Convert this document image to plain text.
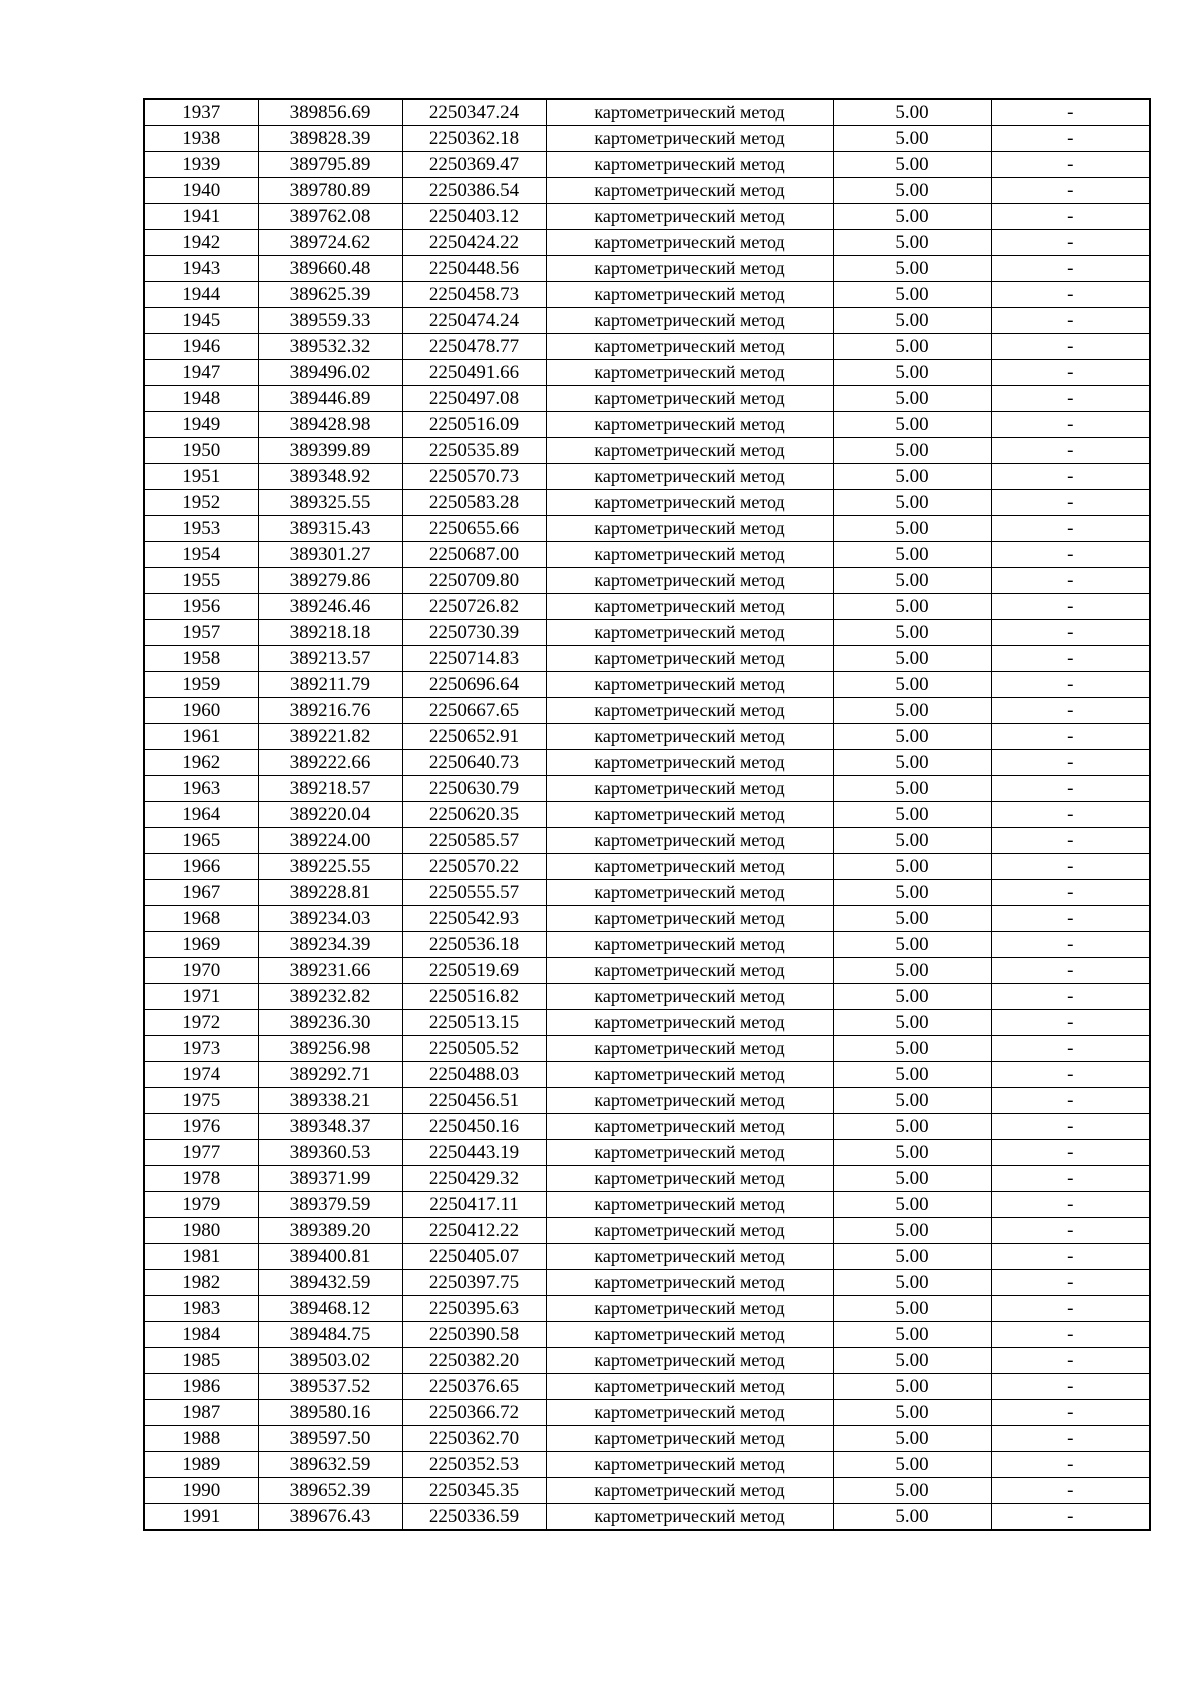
1937	389856.69	2250347.24	картометрический метод	5.00	-
1938	389828.39	2250362.18	картометрический метод	5.00	-
1939	389795.89	2250369.47	картометрический метод	5.00	-
1940	389780.89	2250386.54	картометрический метод	5.00	-
1941	389762.08	2250403.12	картометрический метод	5.00	-
1942	389724.62	2250424.22	картометрический метод	5.00	-
1943	389660.48	2250448.56	картометрический метод	5.00	-
1944	389625.39	2250458.73	картометрический метод	5.00	-
1945	389559.33	2250474.24	картометрический метод	5.00	-
1946	389532.32	2250478.77	картометрический метод	5.00	-
1947	389496.02	2250491.66	картометрический метод	5.00	-
1948	389446.89	2250497.08	картометрический метод	5.00	-
1949	389428.98	2250516.09	картометрический метод	5.00	-
1950	389399.89	2250535.89	картометрический метод	5.00	-
1951	389348.92	2250570.73	картометрический метод	5.00	-
1952	389325.55	2250583.28	картометрический метод	5.00	-
1953	389315.43	2250655.66	картометрический метод	5.00	-
1954	389301.27	2250687.00	картометрический метод	5.00	-
1955	389279.86	2250709.80	картометрический метод	5.00	-
1956	389246.46	2250726.82	картометрический метод	5.00	-
1957	389218.18	2250730.39	картометрический метод	5.00	-
1958	389213.57	2250714.83	картометрический метод	5.00	-
1959	389211.79	2250696.64	картометрический метод	5.00	-
1960	389216.76	2250667.65	картометрический метод	5.00	-
1961	389221.82	2250652.91	картометрический метод	5.00	-
1962	389222.66	2250640.73	картометрический метод	5.00	-
1963	389218.57	2250630.79	картометрический метод	5.00	-
1964	389220.04	2250620.35	картометрический метод	5.00	-
1965	389224.00	2250585.57	картометрический метод	5.00	-
1966	389225.55	2250570.22	картометрический метод	5.00	-
1967	389228.81	2250555.57	картометрический метод	5.00	-
1968	389234.03	2250542.93	картометрический метод	5.00	-
1969	389234.39	2250536.18	картометрический метод	5.00	-
1970	389231.66	2250519.69	картометрический метод	5.00	-
1971	389232.82	2250516.82	картометрический метод	5.00	-
1972	389236.30	2250513.15	картометрический метод	5.00	-
1973	389256.98	2250505.52	картометрический метод	5.00	-
1974	389292.71	2250488.03	картометрический метод	5.00	-
1975	389338.21	2250456.51	картометрический метод	5.00	-
1976	389348.37	2250450.16	картометрический метод	5.00	-
1977	389360.53	2250443.19	картометрический метод	5.00	-
1978	389371.99	2250429.32	картометрический метод	5.00	-
1979	389379.59	2250417.11	картометрический метод	5.00	-
1980	389389.20	2250412.22	картометрический метод	5.00	-
1981	389400.81	2250405.07	картометрический метод	5.00	-
1982	389432.59	2250397.75	картометрический метод	5.00	-
1983	389468.12	2250395.63	картометрический метод	5.00	-
1984	389484.75	2250390.58	картометрический метод	5.00	-
1985	389503.02	2250382.20	картометрический метод	5.00	-
1986	389537.52	2250376.65	картометрический метод	5.00	-
1987	389580.16	2250366.72	картометрический метод	5.00	-
1988	389597.50	2250362.70	картометрический метод	5.00	-
1989	389632.59	2250352.53	картометрический метод	5.00	-
1990	389652.39	2250345.35	картометрический метод	5.00	-
1991	389676.43	2250336.59	картометрический метод	5.00	-
